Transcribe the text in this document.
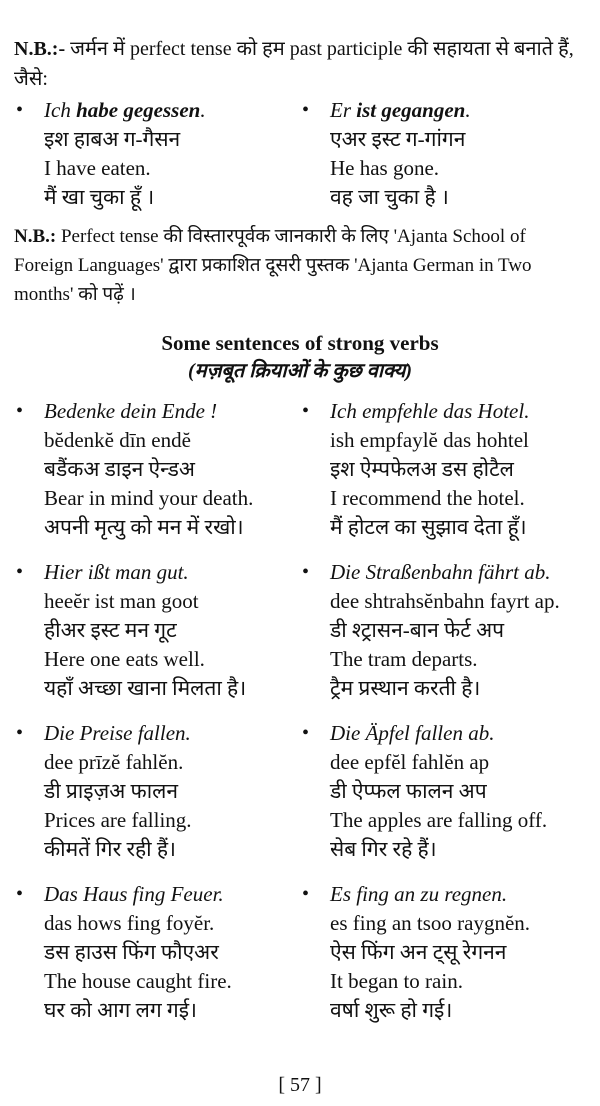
N.B.:- जर्मन में perfect tense को हम past participle की सहायता से बनाते हैं, जैसे:
• Ich habe gegessen.
इश हाबअ ग-गैसन
I have eaten.
मैं खा चुका हूँ ।
• Er ist gegangen.
एअर इस्ट ग-गांगन
He has gone.
वह जा चुका है ।
N.B.: Perfect tense की विस्तारपूर्वक जानकारी के लिए 'Ajanta School of Foreign Languages' द्वारा प्रकाशित दूसरी पुस्तक 'Ajanta German in Two months' को पढ़ें ।
Some sentences of strong verbs
(मज़बूत क्रियाओं के कुछ वाक्य)
• Bedenke dein Ende !
bĕdenkĕ dīn endĕ
बडैंकअ डाइन ऐन्डअ
Bear in mind your death.
अपनी मृत्यु को मन में रखो।
• Ich empfehle das Hotel.
ish empfaylĕ das hohtel
इश ऐम्पफेलअ डस होटैल
I recommend the hotel.
मैं होटल का सुझाव देता हूँ।
• Hier ißt man gut.
heeĕr ist man goot
हीअर इस्ट मन गूट
Here one eats well.
यहाँ अच्छा खाना मिलता है।
• Die Straßenbahn fährt ab.
dee shtrahsĕnbahn fayrt ap.
डी श्ट्रासन-बान फेर्ट अप
The tram departs.
ट्रैम प्रस्थान करती है।
• Die Preise fallen.
dee prīzĕ fahlĕn.
डी प्राइज़अ फालन
Prices are falling.
कीमतें गिर रही हैं।
• Die Äpfel fallen ab.
dee epfĕl fahlĕn ap
डी ऐप्फल फालन अप
The apples are falling off.
सेब गिर रहे हैं।
• Das Haus fing Feuer.
das hows fing foyĕr.
डस हाउस फिंग फौएअर
The house caught fire.
घर को आग लग गई।
• Es fing an zu regnen.
es fing an tsoo raygnĕn.
ऐस फिंग अन ट्सू रेगनन
It began to rain.
वर्षा शुरू हो गई।
[ 57 ]
